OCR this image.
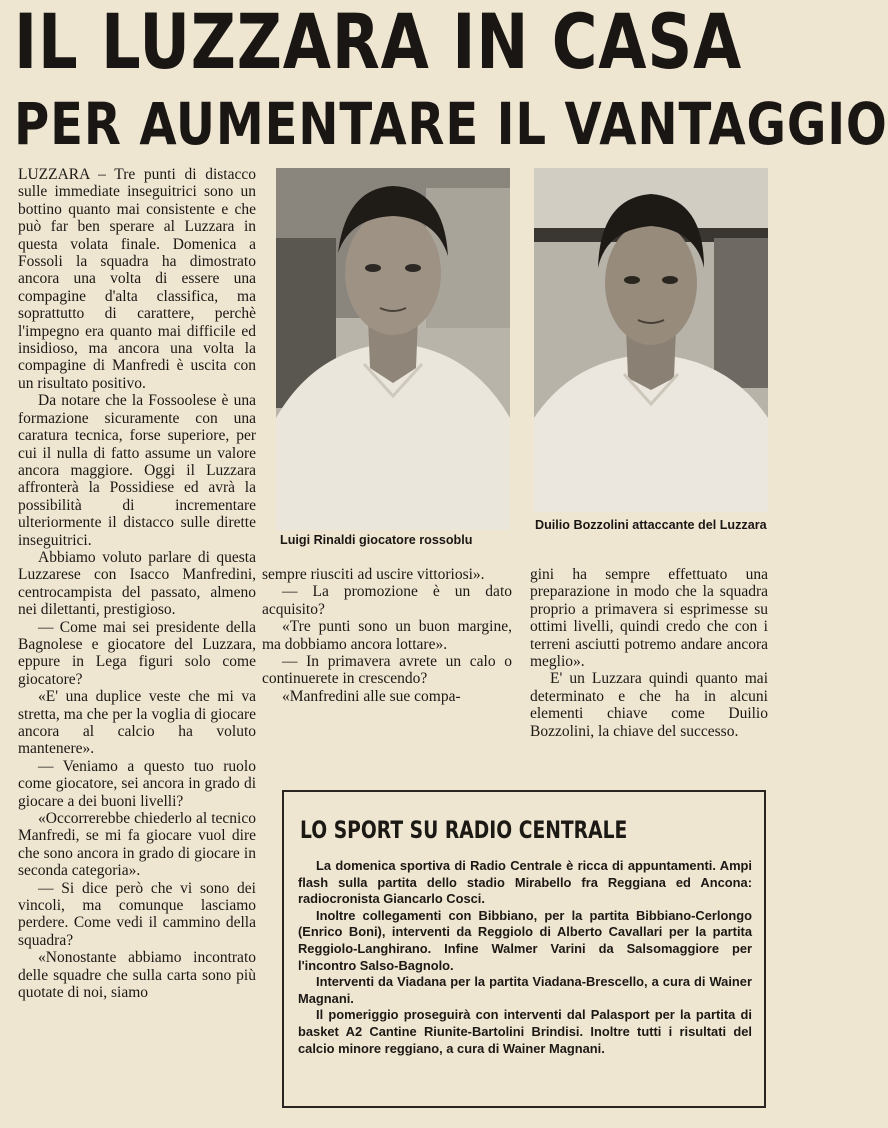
IL LUZZARA IN CASA
PER AUMENTARE IL VANTAGGIO

LUZZARA – Tre punti di distacco sulle immediate inseguitrici sono un bottino quanto mai consistente e che può far ben sperare al Luzzara in questa volata finale. Domenica a Fossoli la squadra ha dimostrato ancora una volta di essere una compagine d'alta classifica, ma soprattutto di carattere, perchè l'impegno era quanto mai difficile ed insidioso, ma ancora una volta la compagine di Manfredi è uscita con un risultato positivo.

Da notare che la Fossoolese è una formazione sicuramente con una caratura tecnica, forse superiore, per cui il nulla di fatto assume un valore ancora maggiore. Oggi il Luzzara affronterà la Possidiese ed avrà la possibilità di incrementare ulteriormente il distacco sulle dirette inseguitrici.

Abbiamo voluto parlare di questa Luzzarese con Isacco Manfredini, centrocampista del passato, almeno nei dilettanti, prestigioso.

— Come mai sei presidente della Bagnolese e giocatore del Luzzara, eppure in Lega figuri solo come giocatore?

«E' una duplice veste che mi va stretta, ma che per la voglia di giocare ancora al calcio ha voluto mantenere».

— Veniamo a questo tuo ruolo come giocatore, sei ancora in grado di giocare a dei buoni livelli?

«Occorrerebbe chiederlo al tecnico Manfredi, se mi fa giocare vuol dire che sono ancora in grado di giocare in seconda categoria».

— Si dice però che vi sono dei vincoli, ma comunque lasciamo perdere. Come vedi il cammino della squadra?

«Nonostante abbiamo incontrato delle squadre che sulla carta sono più quotate di noi, siamo

Luigi Rinaldi giocatore rossoblu
Duilio Bozzolini attaccante del Luzzara

sempre riusciti ad uscire vittoriosi».

— La promozione è un dato acquisito?

«Tre punti sono un buon margine, ma dobbiamo ancora lottare».

— In primavera avrete un calo o continuerete in crescendo?

«Manfredini alle sue compa-

gini ha sempre effettuato una preparazione in modo che la squadra proprio a primavera si esprimesse su ottimi livelli, quindi credo che con i terreni asciutti potremo andare ancora meglio».

E' un Luzzara quindi quanto mai determinato e che ha in alcuni elementi chiave come Duilio Bozzolini, la chiave del successo.

LO SPORT SU RADIO CENTRALE

La domenica sportiva di Radio Centrale è ricca di appuntamenti. Ampi flash sulla partita dello stadio Mirabello fra Reggiana ed Ancona: radiocronista Giancarlo Cosci.

Inoltre collegamenti con Bibbiano, per la partita Bibbiano-Cerlongo (Enrico Boni), interventi da Reggiolo di Alberto Cavallari per la partita Reggiolo-Langhirano. Infine Walmer Varini da Salsomaggiore per l'incontro Salso-Bagnolo.

Interventi da Viadana per la partita Viadana-Brescello, a cura di Wainer Magnani.

Il pomeriggio proseguirà con interventi dal Palasport per la partita di basket A2 Cantine Riunite-Bartolini Brindisi. Inoltre tutti i risultati del calcio minore reggiano, a cura di Wainer Magnani.
